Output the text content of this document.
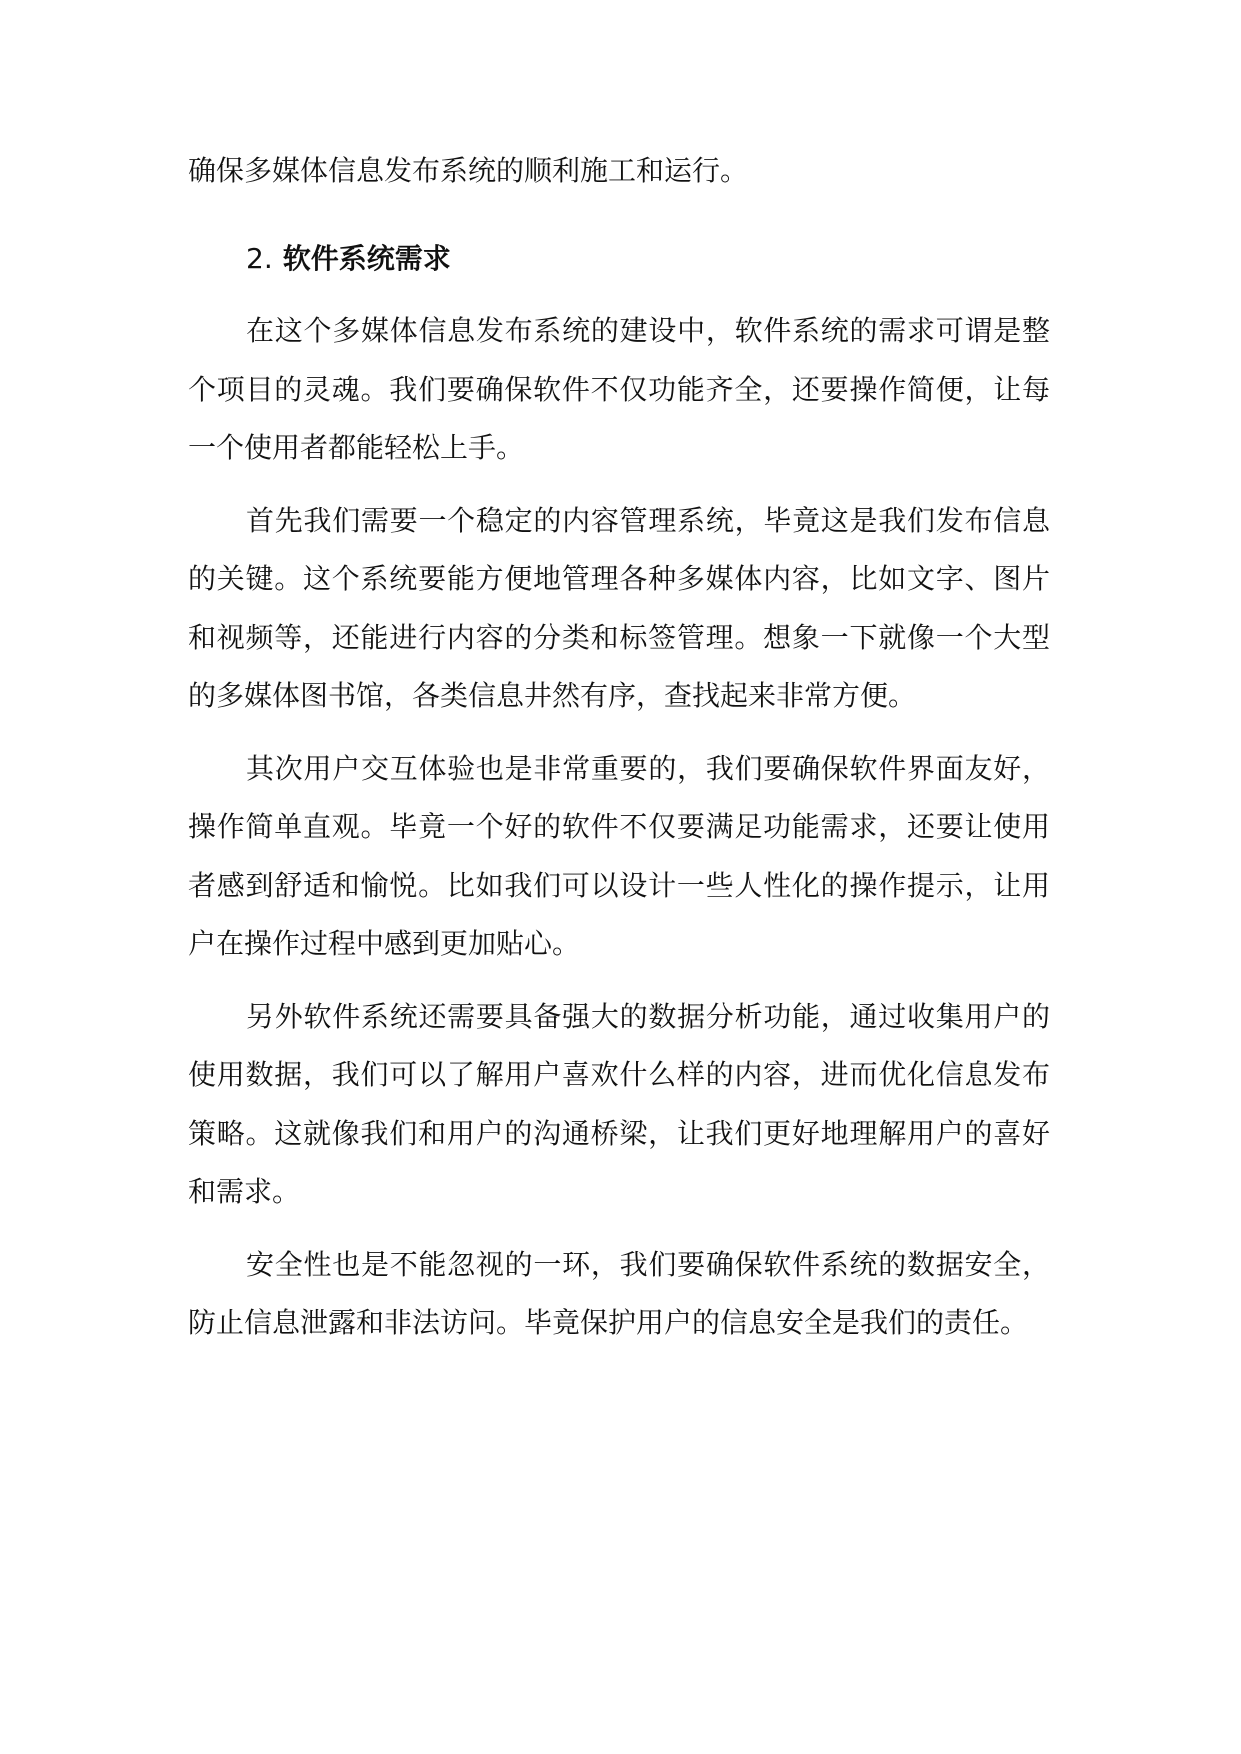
确保多媒体信息发布系统的顺利施工和运行。

2. 软件系统需求

在这个多媒体信息发布系统的建设中，软件系统的需求可谓是整个项目的灵魂。我们要确保软件不仅功能齐全，还要操作简便，让每一个使用者都能轻松上手。

首先我们需要一个稳定的内容管理系统，毕竟这是我们发布信息的关键。这个系统要能方便地管理各种多媒体内容，比如文字、图片和视频等，还能进行内容的分类和标签管理。想象一下就像一个大型的多媒体图书馆，各类信息井然有序，查找起来非常方便。

其次用户交互体验也是非常重要的，我们要确保软件界面友好，操作简单直观。毕竟一个好的软件不仅要满足功能需求，还要让使用者感到舒适和愉悦。比如我们可以设计一些人性化的操作提示，让用户在操作过程中感到更加贴心。

另外软件系统还需要具备强大的数据分析功能，通过收集用户的使用数据，我们可以了解用户喜欢什么样的内容，进而优化信息发布策略。这就像我们和用户的沟通桥梁，让我们更好地理解用户的喜好和需求。

安全性也是不能忽视的一环，我们要确保软件系统的数据安全，防止信息泄露和非法访问。毕竟保护用户的信息安全是我们的责任。
